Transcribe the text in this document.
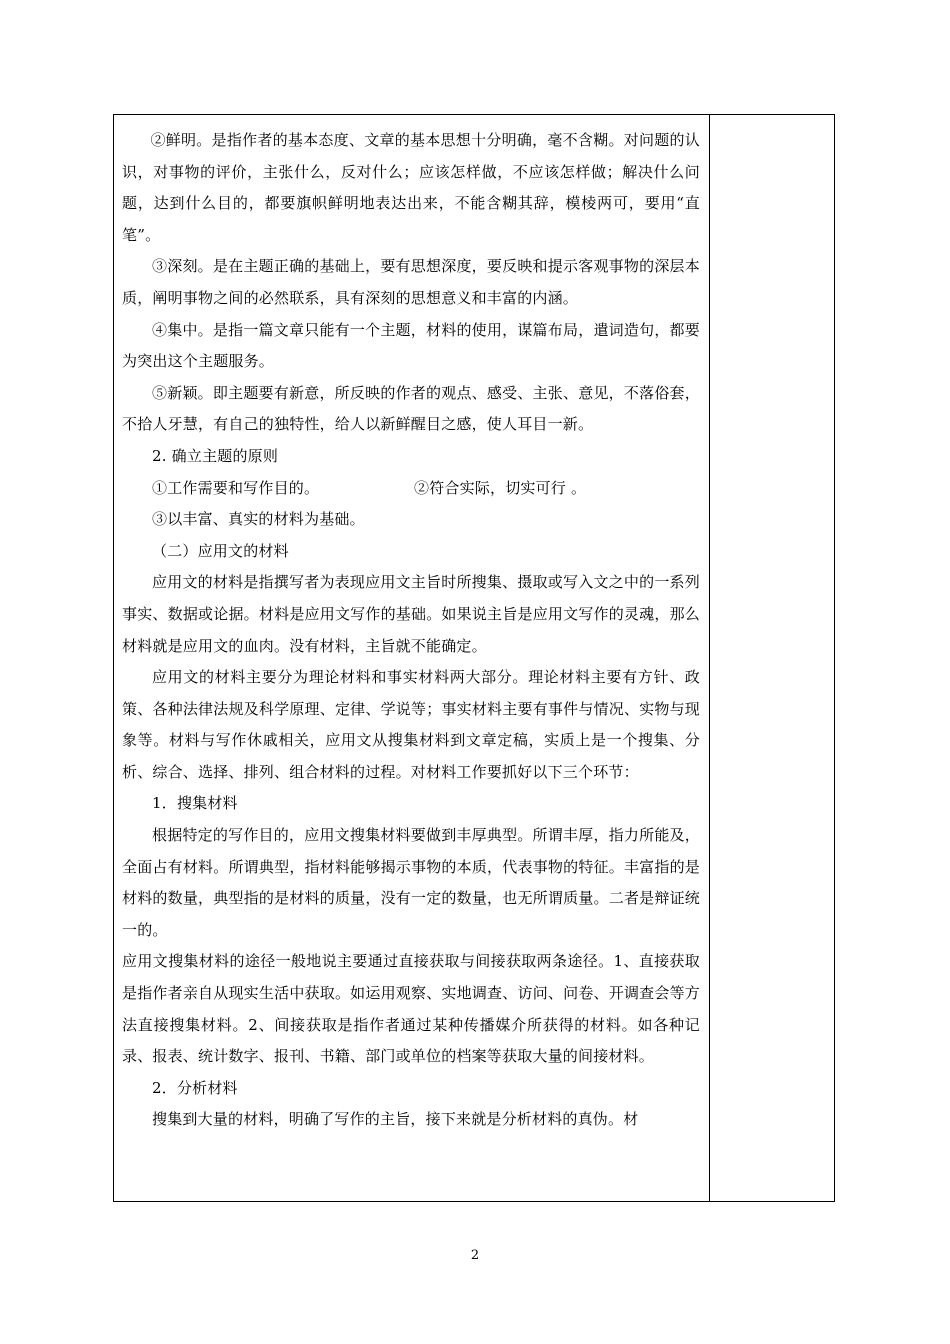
②鲜明。是指作者的基本态度、文章的基本思想十分明确，毫不含糊。对问题的认识，对事物的评价，主张什么，反对什么；应该怎样做，不应该怎样做；解决什么问题，达到什么目的，都要旗帜鲜明地表达出来，不能含糊其辞，模棱两可，要用“直笔”。

③深刻。是在主题正确的基础上，要有思想深度，要反映和提示客观事物的深层本质，阐明事物之间的必然联系，具有深刻的思想意义和丰富的内涵。

④集中。是指一篇文章只能有一个主题，材料的使用，谋篇布局，遣词造句，都要为突出这个主题服务。

⑤新颖。即主题要有新意，所反映的作者的观点、感受、主张、意见，不落俗套，不拾人牙慧，有自己的独特性，给人以新鲜醒目之感，使人耳目一新。

2. 确立主题的原则

①工作需要和写作目的。	②符合实际，切实可行 。

③以丰富、真实的材料为基础。

（二）应用文的材料

应用文的材料是指撰写者为表现应用文主旨时所搜集、摄取或写入文之中的一系列事实、数据或论据。材料是应用文写作的基础。如果说主旨是应用文写作的灵魂，那么材料就是应用文的血肉。没有材料，主旨就不能确定。

应用文的材料主要分为理论材料和事实材料两大部分。理论材料主要有方针、政策、各种法律法规及科学原理、定律、学说等；事实材料主要有事件与情况、实物与现象等。材料与写作休戚相关，应用文从搜集材料到文章定稿，实质上是一个搜集、分析、综合、选择、排列、组合材料的过程。对材料工作要抓好以下三个环节：

1．搜集材料

根据特定的写作目的，应用文搜集材料要做到丰厚典型。所谓丰厚，指力所能及，全面占有材料。所谓典型，指材料能够揭示事物的本质，代表事物的特征。丰富指的是材料的数量，典型指的是材料的质量，没有一定的数量，也无所谓质量。二者是辩证统一的。

应用文搜集材料的途径一般地说主要通过直接获取与间接获取两条途径。1、直接获取是指作者亲自从现实生活中获取。如运用观察、实地调查、访问、问卷、开调查会等方法直接搜集材料。2、间接获取是指作者通过某种传播媒介所获得的材料。如各种记录、报表、统计数字、报刊、书籍、部门或单位的档案等获取大量的间接材料。

2．分析材料

搜集到大量的材料，明确了写作的主旨，接下来就是分析材料的真伪。材

2
